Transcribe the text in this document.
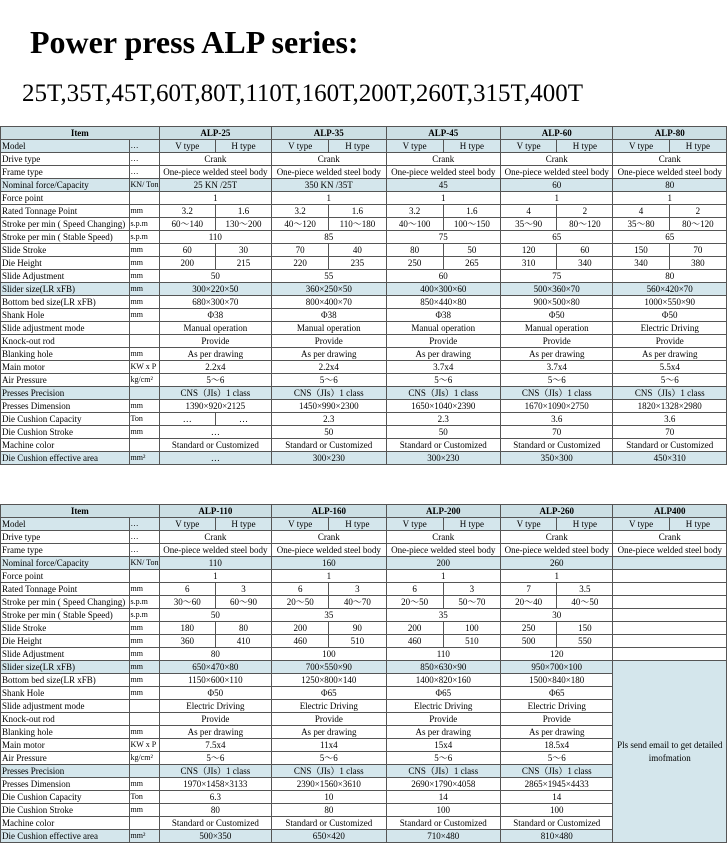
Power press ALP series:
25T,35T,45T,60T,80T,110T,160T,200T,260T,315T,400T
Item		ALP-25		ALP-35		ALP-45		ALP-60		ALP-80	
Model	…	V type	H type	V type	H type	V type	H type	V type	H type	V type	H type
Drive type	…	Crank		Crank		Crank		Crank		Crank	
Frame type	…	One-piece welded steel body		One-piece welded steel body		One-piece welded steel body		One-piece welded steel body		One-piece welded steel body	
Nominal force/Capacity	KN/ Ton	25 KN /25T		350 KN /35T		45		60		80	
Force point		1		1		1		1		1	
Rated Tonnage Point	mm	3.2	1.6	3.2	1.6	3.2	1.6	4	2	4	2
Stroke per min ( Speed Changing)	s.p.m	60～140	130～200	40～120	110～180	40～100	100～150	35～90	80～120	35～80	80～120
Stroke per min ( Stable Speed)	s.p.m	110		85		75		65		65	
Slide Stroke	mm	60	30	70	40	80	50	120	60	150	70
Die Height	mm	200	215	220	235	250	265	310	340	340	380
Slide Adjustment	mm	50		55		60		75		80	
Slider size(LR xFB)	mm	300×220×50		360×250×50		400×300×60		500×360×70		560×420×70	
Bottom bed size(LR xFB)	mm	680×300×70		800×400×70		850×440×80		900×500×80		1000×550×90	
Shank Hole	mm	Φ38		Φ38		Φ38		Φ50		Φ50	
Slide adjustment mode		Manual operation		Manual operation		Manual operation		Manual operation		Electric Driving	
Knock-out rod		Provide		Provide		Provide		Provide		Provide	
Blanking hole	mm	As per drawing		As per drawing		As per drawing		As per drawing		As per drawing	
Main motor	KW x P	2.2x4		2.2x4		3.7x4		3.7x4		5.5x4	
Air Pressure	kg/cm²	5～6		5～6		5～6		5～6		5～6	
Presses Precision		CNS（JIs）1 class		CNS（JIs）1 class		CNS（JIs）1 class		CNS（JIs）1 class		CNS（JIs）1 class	
Presses Dimension	mm	1390×920×2125		1450×990×2300		1650×1040×2390		1670×1090×2750		1820×1328×2980	
Die Cushion Capacity	Ton	…	…	2.3		2.3		3.6		3.6	
Die Cushion Stroke	mm	…		50		50		70		70	
Machine color		Standard or Customized		Standard or Customized		Standard or Customized		Standard or Customized		Standard or Customized	
Die Cushion effective area	mm²	…		300×230		300×230		350×300		450×310	
Item		ALP-110		ALP-160		ALP-200		ALP-260		ALP400	
Model	…	V type	H type	V type	H type	V type	H type	V type	H type	V type	H type
Drive type	…	Crank		Crank		Crank		Crank		Crank	
Frame type	…	One-piece welded steel body		One-piece welded steel body		One-piece welded steel body		One-piece welded steel body		One-piece welded steel body	
Nominal force/Capacity	KN/ Ton	110		160		200		260			
Force point		1		1		1		1			
Rated Tonnage Point	mm	6	3	6	3	6	3	7	3.5		
Stroke per min ( Speed Changing)	s.p.m	30～60	60～90	20～50	40～70	20～50	50～70	20～40	40～50		
Stroke per min ( Stable Speed)	s.p.m	50		35		35		30			
Slide Stroke	mm	180	80	200	90	200	100	250	150		
Die Height	mm	360	410	460	510	460	510	500	550		
Slide Adjustment	mm	80		100		110		120			
Slider size(LR xFB)	mm	650×470×80		700×550×90		850×630×90		950×700×100		Pls send email to get detailed imofmation	
Bottom bed size(LR xFB)	mm	1150×600×110		1250×800×140		1400×820×160		1500×840×180			
Shank Hole	mm	Φ50		Φ65		Φ65		Φ65			
Slide adjustment mode		Electric Driving		Electric Driving		Electric Driving		Electric Driving			
Knock-out rod		Provide		Provide		Provide		Provide			
Blanking hole	mm	As per drawing		As per drawing		As per drawing		As per drawing			
Main motor	KW x P	7.5x4		11x4		15x4		18.5x4			
Air Pressure	kg/cm²	5～6		5～6		5～6		5～6			
Presses Precision		CNS（JIs）1 class		CNS（JIs）1 class		CNS（JIs）1 class		CNS（JIs）1 class			
Presses Dimension	mm	1970×1458×3133		2390×1560×3610		2690×1790×4058		2865×1945×4433			
Die Cushion Capacity	Ton	6.3		10		14		14			
Die Cushion Stroke	mm	80		80		100		100			
Machine color		Standard or Customized		Standard or Customized		Standard or Customized		Standard or Customized			
Die Cushion effective area	mm²	500×350		650×420		710×480		810×480			
